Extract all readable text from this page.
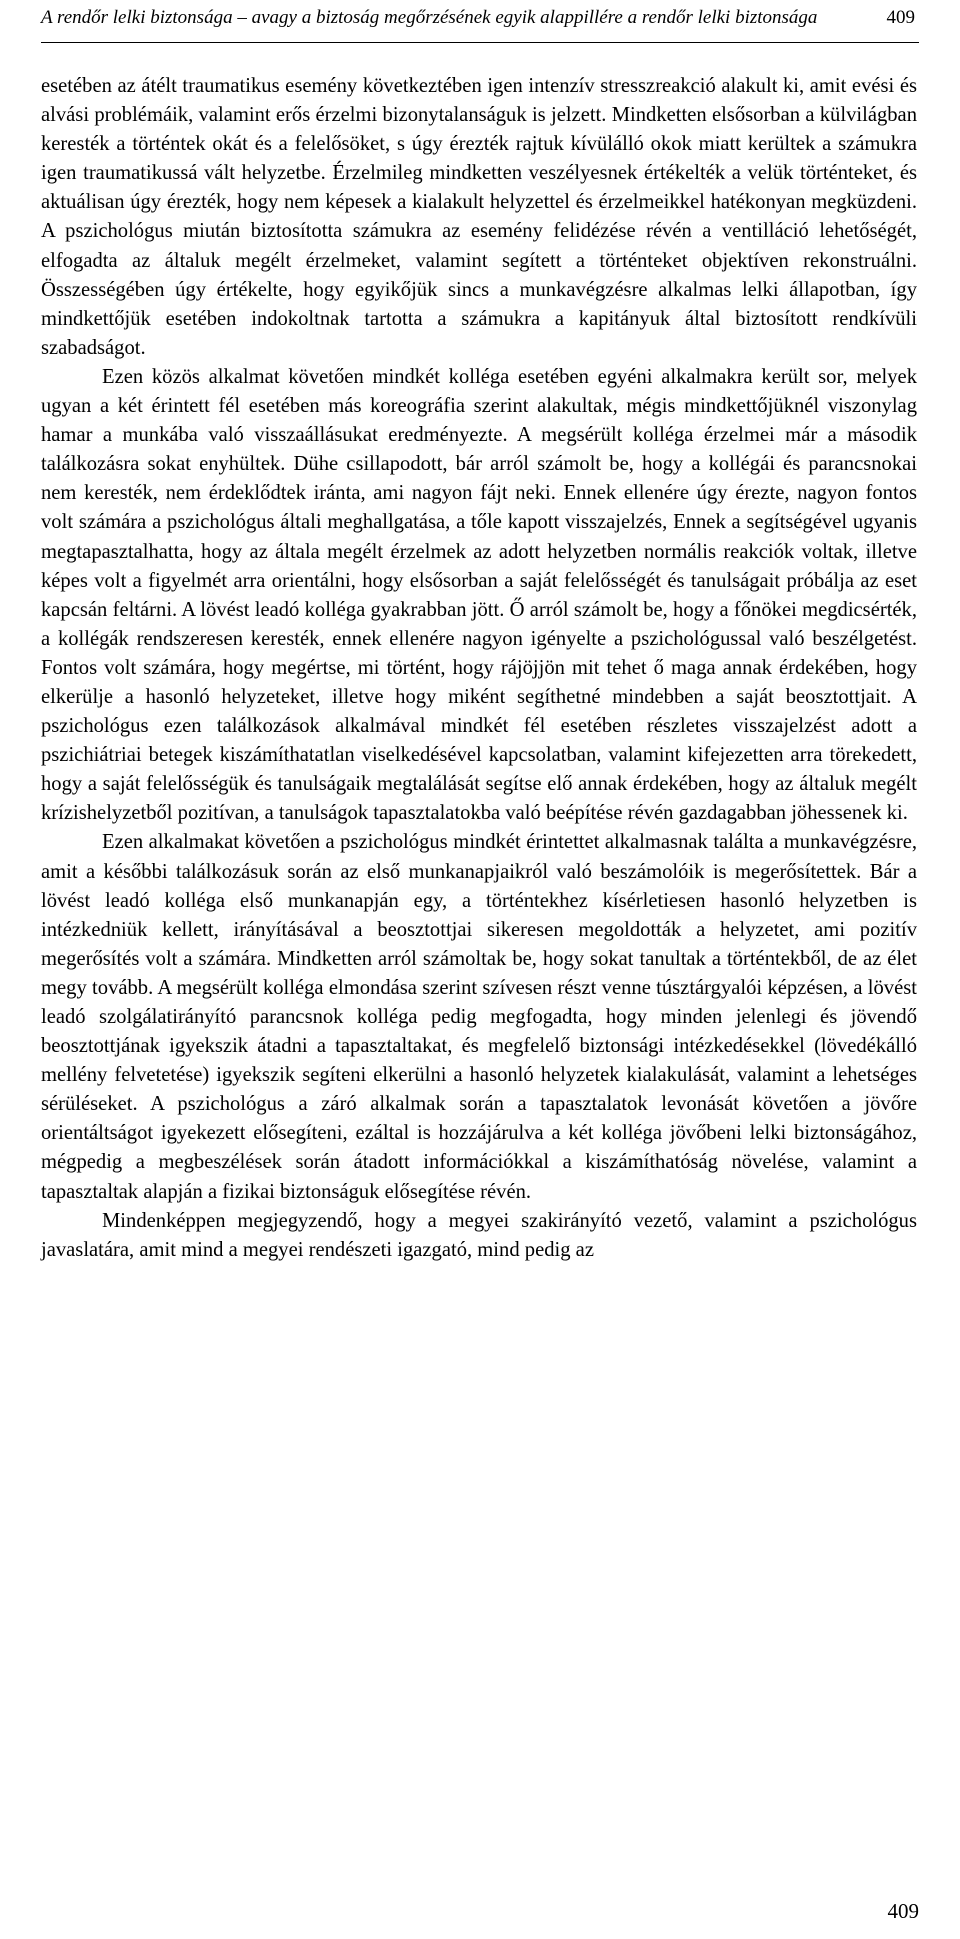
A rendőr lelki biztonsága – avagy a biztoság megőrzésének egyik alappillére a rendőr lelki biztonsága	409

esetében az átélt traumatikus esemény következtében igen intenzív stresszreakció alakult ki, amit evési és alvási problémáik, valamint erős érzelmi bizonytalanságuk is jelzett. Mindketten elsősorban a külvilágban keresték a történtek okát és a felelősöket, s úgy érezték rajtuk kívülálló okok miatt kerültek a számukra igen traumatikussá vált helyzetbe. Érzelmileg mindketten veszélyesnek értékelték a velük történteket, és aktuálisan úgy érezték, hogy nem képesek a kialakult helyzettel és érzelmeikkel hatékonyan megküzdeni. A pszichológus miután biztosította számukra az esemény felidézése révén a ventilláció lehetőségét, elfogadta az általuk megélt érzelmeket, valamint segített a történteket objektíven rekonstruálni. Összességében úgy értékelte, hogy egyikőjük sincs a munkavégzésre alkalmas lelki állapotban, így mindkettőjük esetében indokoltnak tartotta a számukra a kapitányuk által biztosított rendkívüli szabadságot.

Ezen közös alkalmat követően mindkét kolléga esetében egyéni alkalmakra került sor, melyek ugyan a két érintett fél esetében más koreográfia szerint alakultak, mégis mindkettőjüknél viszonylag hamar a munkába való visszaállásukat eredményezte. A megsérült kolléga érzelmei már a második találkozásra sokat enyhültek. Dühe csillapodott, bár arról számolt be, hogy a kollégái és parancsnokai nem keresték, nem érdeklődtek iránta, ami nagyon fájt neki. Ennek ellenére úgy érezte, nagyon fontos volt számára a pszichológus általi meghallgatása, a tőle kapott visszajelzés, Ennek a segítségével ugyanis megtapasztalhatta, hogy az általa megélt érzelmek az adott helyzetben normális reakciók voltak, illetve képes volt a figyelmét arra orientálni, hogy elsősorban a saját felelősségét és tanulságait próbálja az eset kapcsán feltárni. A lövést leadó kolléga gyakrabban jött. Ő arról számolt be, hogy a főnökei megdicsérték, a kollégák rendszeresen keresték, ennek ellenére nagyon igényelte a pszichológussal való beszélgetést. Fontos volt számára, hogy megértse, mi történt, hogy rájöjjön mit tehet ő maga annak érdekében, hogy elkerülje a hasonló helyzeteket, illetve hogy miként segíthetné mindebben a saját beosztottjait. A pszichológus ezen találkozások alkalmával mindkét fél esetében részletes visszajelzést adott a pszichiátriai betegek kiszámíthatatlan viselkedésével kapcsolatban, valamint kifejezetten arra törekedett, hogy a saját felelősségük és tanulságaik megtalálását segítse elő annak érdekében, hogy az általuk megélt krízishelyzetből pozitívan, a tanulságok tapasztalatokba való beépítése révén gazdagabban jöhessenek ki.

Ezen alkalmakat követően a pszichológus mindkét érintettet alkalmasnak találta a munkavégzésre, amit a későbbi találkozásuk során az első munkanapjaikról való beszámolóik is megerősítettek. Bár a lövést leadó kolléga első munkanapján egy, a történtekhez kísérletiesen hasonló helyzetben is intézkedniük kellett, irányításával a beosztottjai sikeresen megoldották a helyzetet, ami pozitív megerősítés volt a számára. Mindketten arról számoltak be, hogy sokat tanultak a történtekből, de az élet megy tovább. A megsérült kolléga elmondása szerint szívesen részt venne túsztárgyalói képzésen, a lövést leadó szolgálatirányító parancsnok kolléga pedig megfogadta, hogy minden jelenlegi és jövendő beosztottjának igyekszik átadni a tapasztaltakat, és megfelelő biztonsági intézkedésekkel (lövedékálló mellény felvetetése) igyekszik segíteni elkerülni a hasonló helyzetek kialakulását, valamint a lehetséges sérüléseket. A pszichológus a záró alkalmak során a tapasztalatok levonását követően a jövőre orientáltságot igyekezett elősegíteni, ezáltal is hozzájárulva a két kolléga jövőbeni lelki biztonságához, mégpedig a megbeszélések során átadott információkkal a kiszámíthatóság növelése, valamint a tapasztaltak alapján a fizikai biztonságuk elősegítése révén.

Mindenképpen megjegyzendő, hogy a megyei szakirányító vezető, valamint a pszichológus javaslatára, amit mind a megyei rendészeti igazgató, mind pedig az

409
